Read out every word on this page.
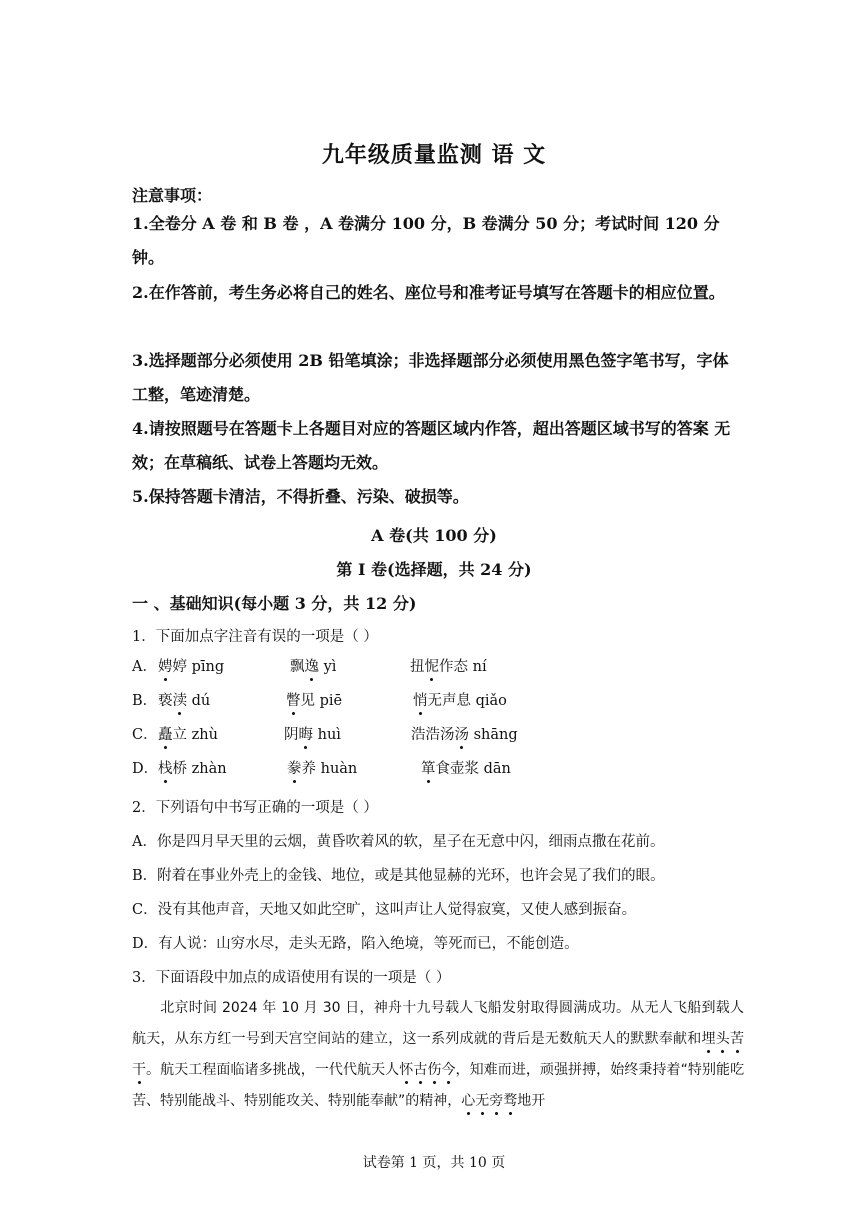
九年级质量监测 语 文
注意事项：
1.全卷分 A 卷 和 B 卷 ，A 卷满分 100 分，B 卷满分 50 分；考试时间 120 分钟。
2.在作答前，考生务必将自己的姓名、座位号和准考证号填写在答题卡的相应位置。
3.选择题部分必须使用 2B 铅笔填涂；非选择题部分必须使用黑色签字笔书写，字体 工整，笔迹清楚。
4.请按照题号在答题卡上各题目对应的答题区域内作答，超出答题区域书写的答案 无效；在草稿纸、试卷上答题均无效。
5.保持答题卡清洁，不得折叠、污染、破损等。
A 卷(共 100 分)
第 I 卷(选择题，共 24 分)
一 、基础知识(每小题 3 分，共 12 分)
1．下面加点字注音有误的一项是（ ）
A． 娉婷 pīng	飘逸 yì	扭怩作态 ní
B． 亵渎 dú	瞥见 piē	悄无声息 qiǎo
C． 矗立 zhù	阴晦 huì	浩浩汤汤 shāng
D． 栈桥 zhàn	豢养 huàn	箪食壶浆 dān
2．下列语句中书写正确的一项是（ ）
A．你是四月早天里的云烟，黄昏吹着风的软，星子在无意中闪，细雨点撒在花前。
B．附着在事业外壳上的金钱、地位，或是其他显赫的光环，也许会晃了我们的眼。
C．没有其他声音，天地又如此空旷，这叫声让人觉得寂寞，又使人感到振奋。
D．有人说：山穷水尽，走头无路，陷入绝境，等死而已，不能创造。
3．下面语段中加点的成语使用有误的一项是（ ）
北京时间 2024 年 10 月 30 日，神舟十九号载人飞船发射取得圆满成功。从无人飞船到载人航天，从东方红一号到天宫空间站的建立，这一系列成就的背后是无数航天人的默默奉献和埋头苦干。航天工程面临诸多挑战，一代代航天人怀古伤今，知难而进，顽强拼搏，始终秉持着“特别能吃苦、特别能战斗、特别能攻关、特别能奉献”的精神，心无旁骛地开
试卷第 1 页，共 10 页
